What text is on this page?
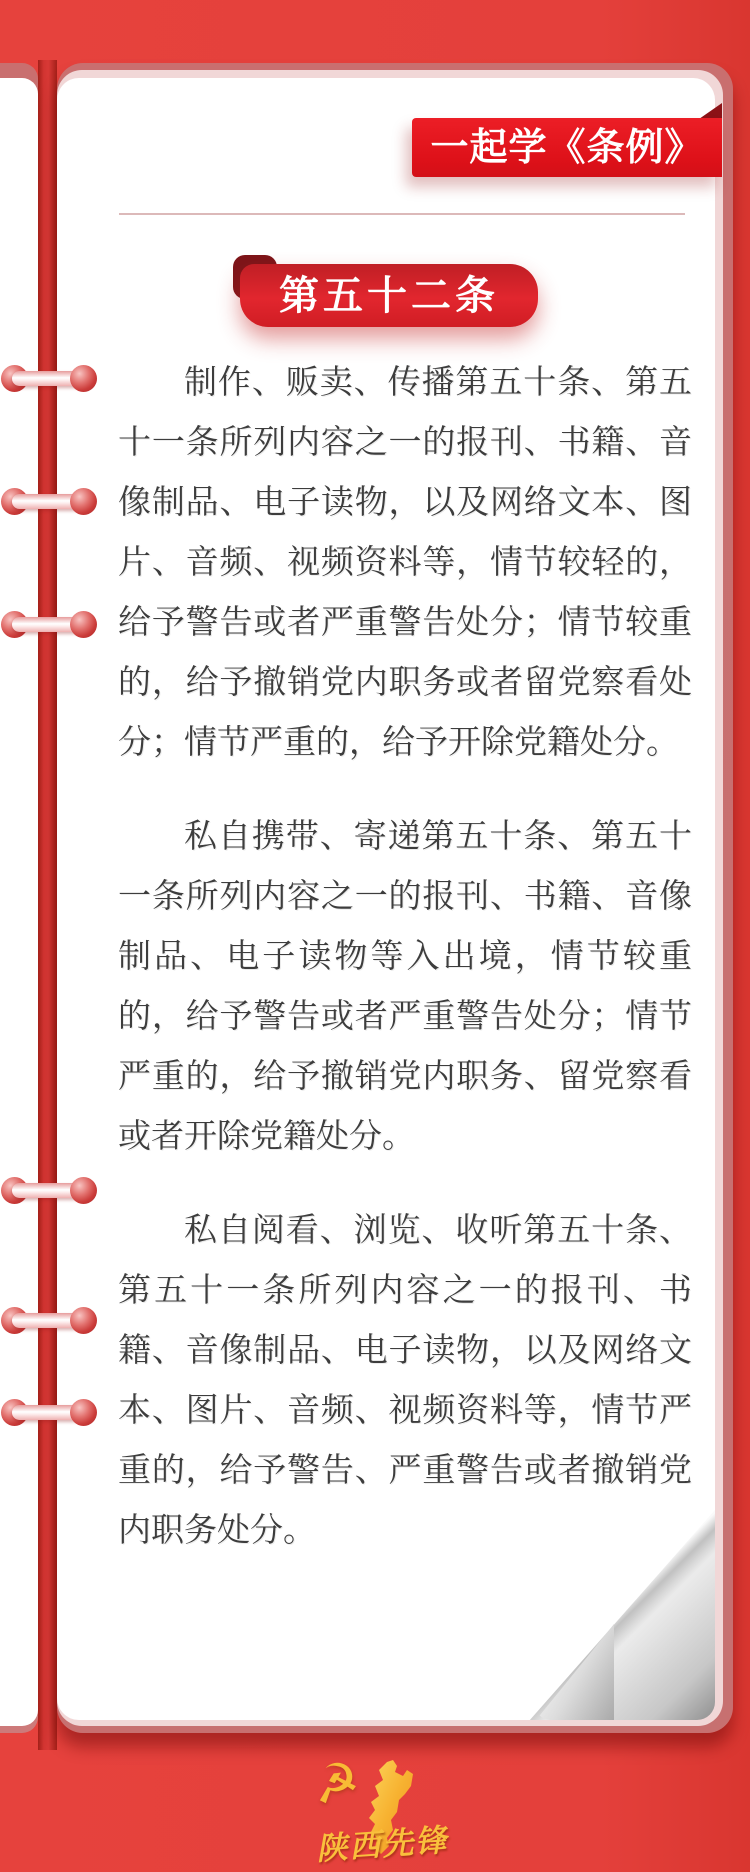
一起学《条例》
第五十二条

制作、贩卖、传播第五十条、第五十一条所列内容之一的报刊、书籍、音像制品、电子读物，以及网络文本、图片、音频、视频资料等，情节较轻的，给予警告或者严重警告处分；情节较重的，给予撤销党内职务或者留党察看处分；情节严重的，给予开除党籍处分。

私自携带、寄递第五十条、第五十一条所列内容之一的报刊、书籍、音像制品、电子读物等入出境，情节较重的，给予警告或者严重警告处分；情节严重的，给予撤销党内职务、留党察看或者开除党籍处分。

私自阅看、浏览、收听第五十条、第五十一条所列内容之一的报刊、书籍、音像制品、电子读物，以及网络文本、图片、音频、视频资料等，情节严重的，给予警告、严重警告或者撤销党内职务处分。

☭
陕西先锋
